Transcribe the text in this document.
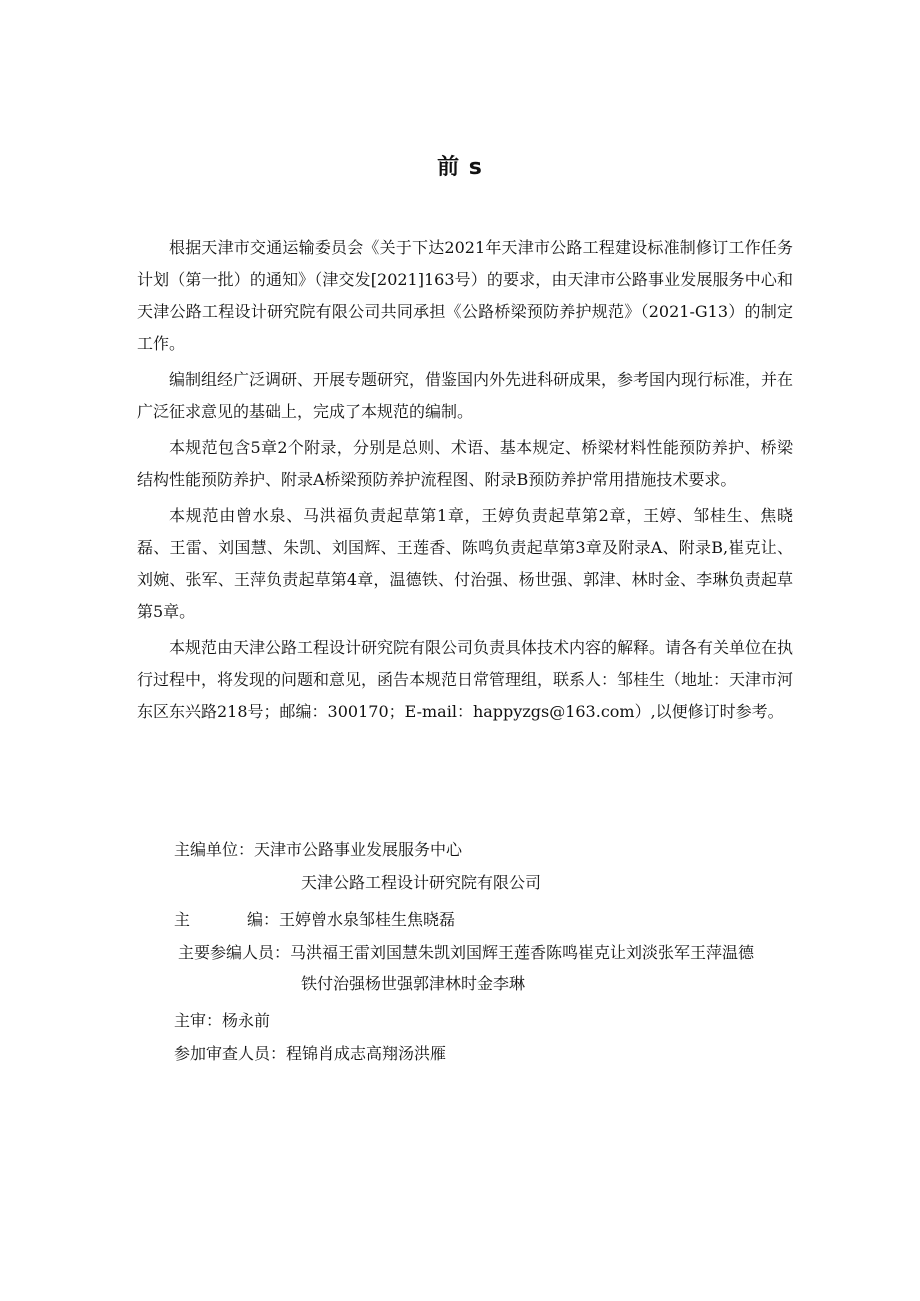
前 s

根据天津市交通运输委员会《关于下达2021年天津市公路工程建设标准制修订工作任务计划（第一批）的通知》（津交发[2021]163号）的要求，由天津市公路事业发展服务中心和天津公路工程设计研究院有限公司共同承担《公路桥梁预防养护规范》（2021-G13）的制定工作。

编制组经广泛调研、开展专题研究，借鉴国内外先进科研成果，参考国内现行标准，并在广泛征求意见的基础上，完成了本规范的编制。

本规范包含5章2个附录，分别是总则、术语、基本规定、桥梁材料性能预防养护、桥梁结构性能预防养护、附录A桥梁预防养护流程图、附录B预防养护常用措施技术要求。

本规范由曾水泉、马洪福负责起草第1章，王婷负责起草第2章，王婷、邹桂生、焦晓磊、王雷、刘国慧、朱凯、刘国辉、王莲香、陈鸣负责起草第3章及附录A、附录B,崔克让、刘婉、张军、王萍负责起草第4章，温德铁、付治强、杨世强、郭津、林时金、李琳负责起草第5章。

本规范由天津公路工程设计研究院有限公司负责具体技术内容的解释。请各有关单位在执行过程中，将发现的问题和意见，函告本规范日常管理组，联系人：邹桂生（地址：天津市河东区东兴路218号；邮编：300170；E-mail：happyzgs@163.com）,以便修订时参考。

主编单位： 天津市公路事业发展服务中心
天津公路工程设计研究院有限公司
主	编： 王婷曾水泉邹桂生焦晓磊
主要参编人员： 马洪福王雷刘国慧朱凯刘国辉王莲香陈鸣崔克让刘淡张军王萍温德
铁付治强杨世强郭津林时金李琳
主审： 杨永前
参加审查人员： 程锦肖成志高翔汤洪雁
